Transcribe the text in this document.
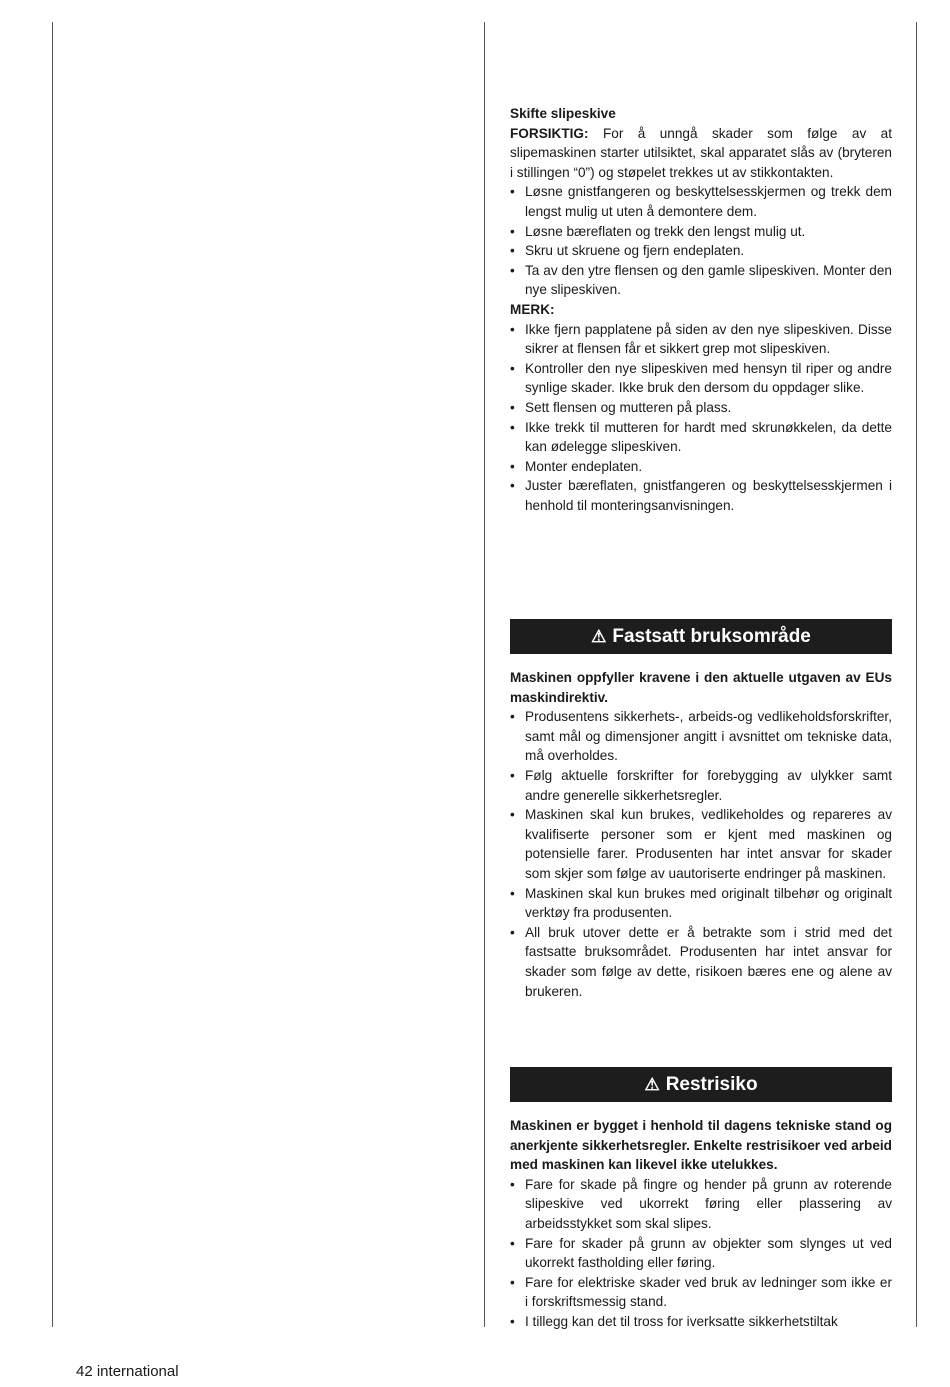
Skifte slipeskive

FORSIKTIG: For å unngå skader som følge av at slipemaskinen starter utilsiktet, skal apparatet slås av (bryteren i stillingen “0”) og støpelet trekkes ut av stikkontakten.

• Løsne gnistfangeren og beskyttelsesskjermen og trekk dem lengst mulig ut uten å demontere dem.
• Løsne bæreflaten og trekk den lengst mulig ut.
• Skru ut skruene og fjern endeplaten.
• Ta av den ytre flensen og den gamle slipeskiven. Monter den nye slipeskiven.

MERK:

• Ikke fjern papplatene på siden av den nye slipeskiven. Disse sikrer at flensen får et sikkert grep mot slipeskiven.
• Kontroller den nye slipeskiven med hensyn til riper og andre synlige skader. Ikke bruk den dersom du oppdager slike.
• Sett flensen og mutteren på plass.
• Ikke trekk til mutteren for hardt med skrunøkkelen, da dette kan ødelegge slipeskiven.
• Monter endeplaten.
• Juster bæreflaten, gnistfangeren og beskyttelsesskjermen i henhold til monteringsanvisningen.
⚠ Fastsatt bruksområde

Maskinen oppfyller kravene i den aktuelle utgaven av EUs maskindirektiv.

• Produsentens sikkerhets-, arbeids-og vedlikeholdsforskrifter, samt mål og dimensjoner angitt i avsnittet om tekniske data, må overholdes.
• Følg aktuelle forskrifter for forebygging av ulykker samt andre generelle sikkerhetsregler.
• Maskinen skal kun brukes, vedlikeholdes og repareres av kvalifiserte personer som er kjent med maskinen og potensielle farer. Produsenten har intet ansvar for skader som skjer som følge av uautoriserte endringer på maskinen.
• Maskinen skal kun brukes med originalt tilbehør og originalt verktøy fra produsenten.
• All bruk utover dette er å betrakte som i strid med det fastsatte bruksområdet. Produsenten har intet ansvar for skader som følge av dette, risikoen bæres ene og alene av brukeren.
⚠ Restrisiko

Maskinen er bygget i henhold til dagens tekniske stand og anerkjente sikkerhetsregler. Enkelte restrisikoer ved arbeid med maskinen kan likevel ikke utelukkes.

• Fare for skade på fingre og hender på grunn av roterende slipeskive ved ukorrekt føring eller plassering av arbeidsstykket som skal slipes.
• Fare for skader på grunn av objekter som slynges ut ved ukorrekt fastholding eller føring.
• Fare for elektriske skader ved bruk av ledninger som ikke er i forskriftsmessig stand.
• I tillegg kan det til tross for iverksatte sikkerhetstiltak
42 international
